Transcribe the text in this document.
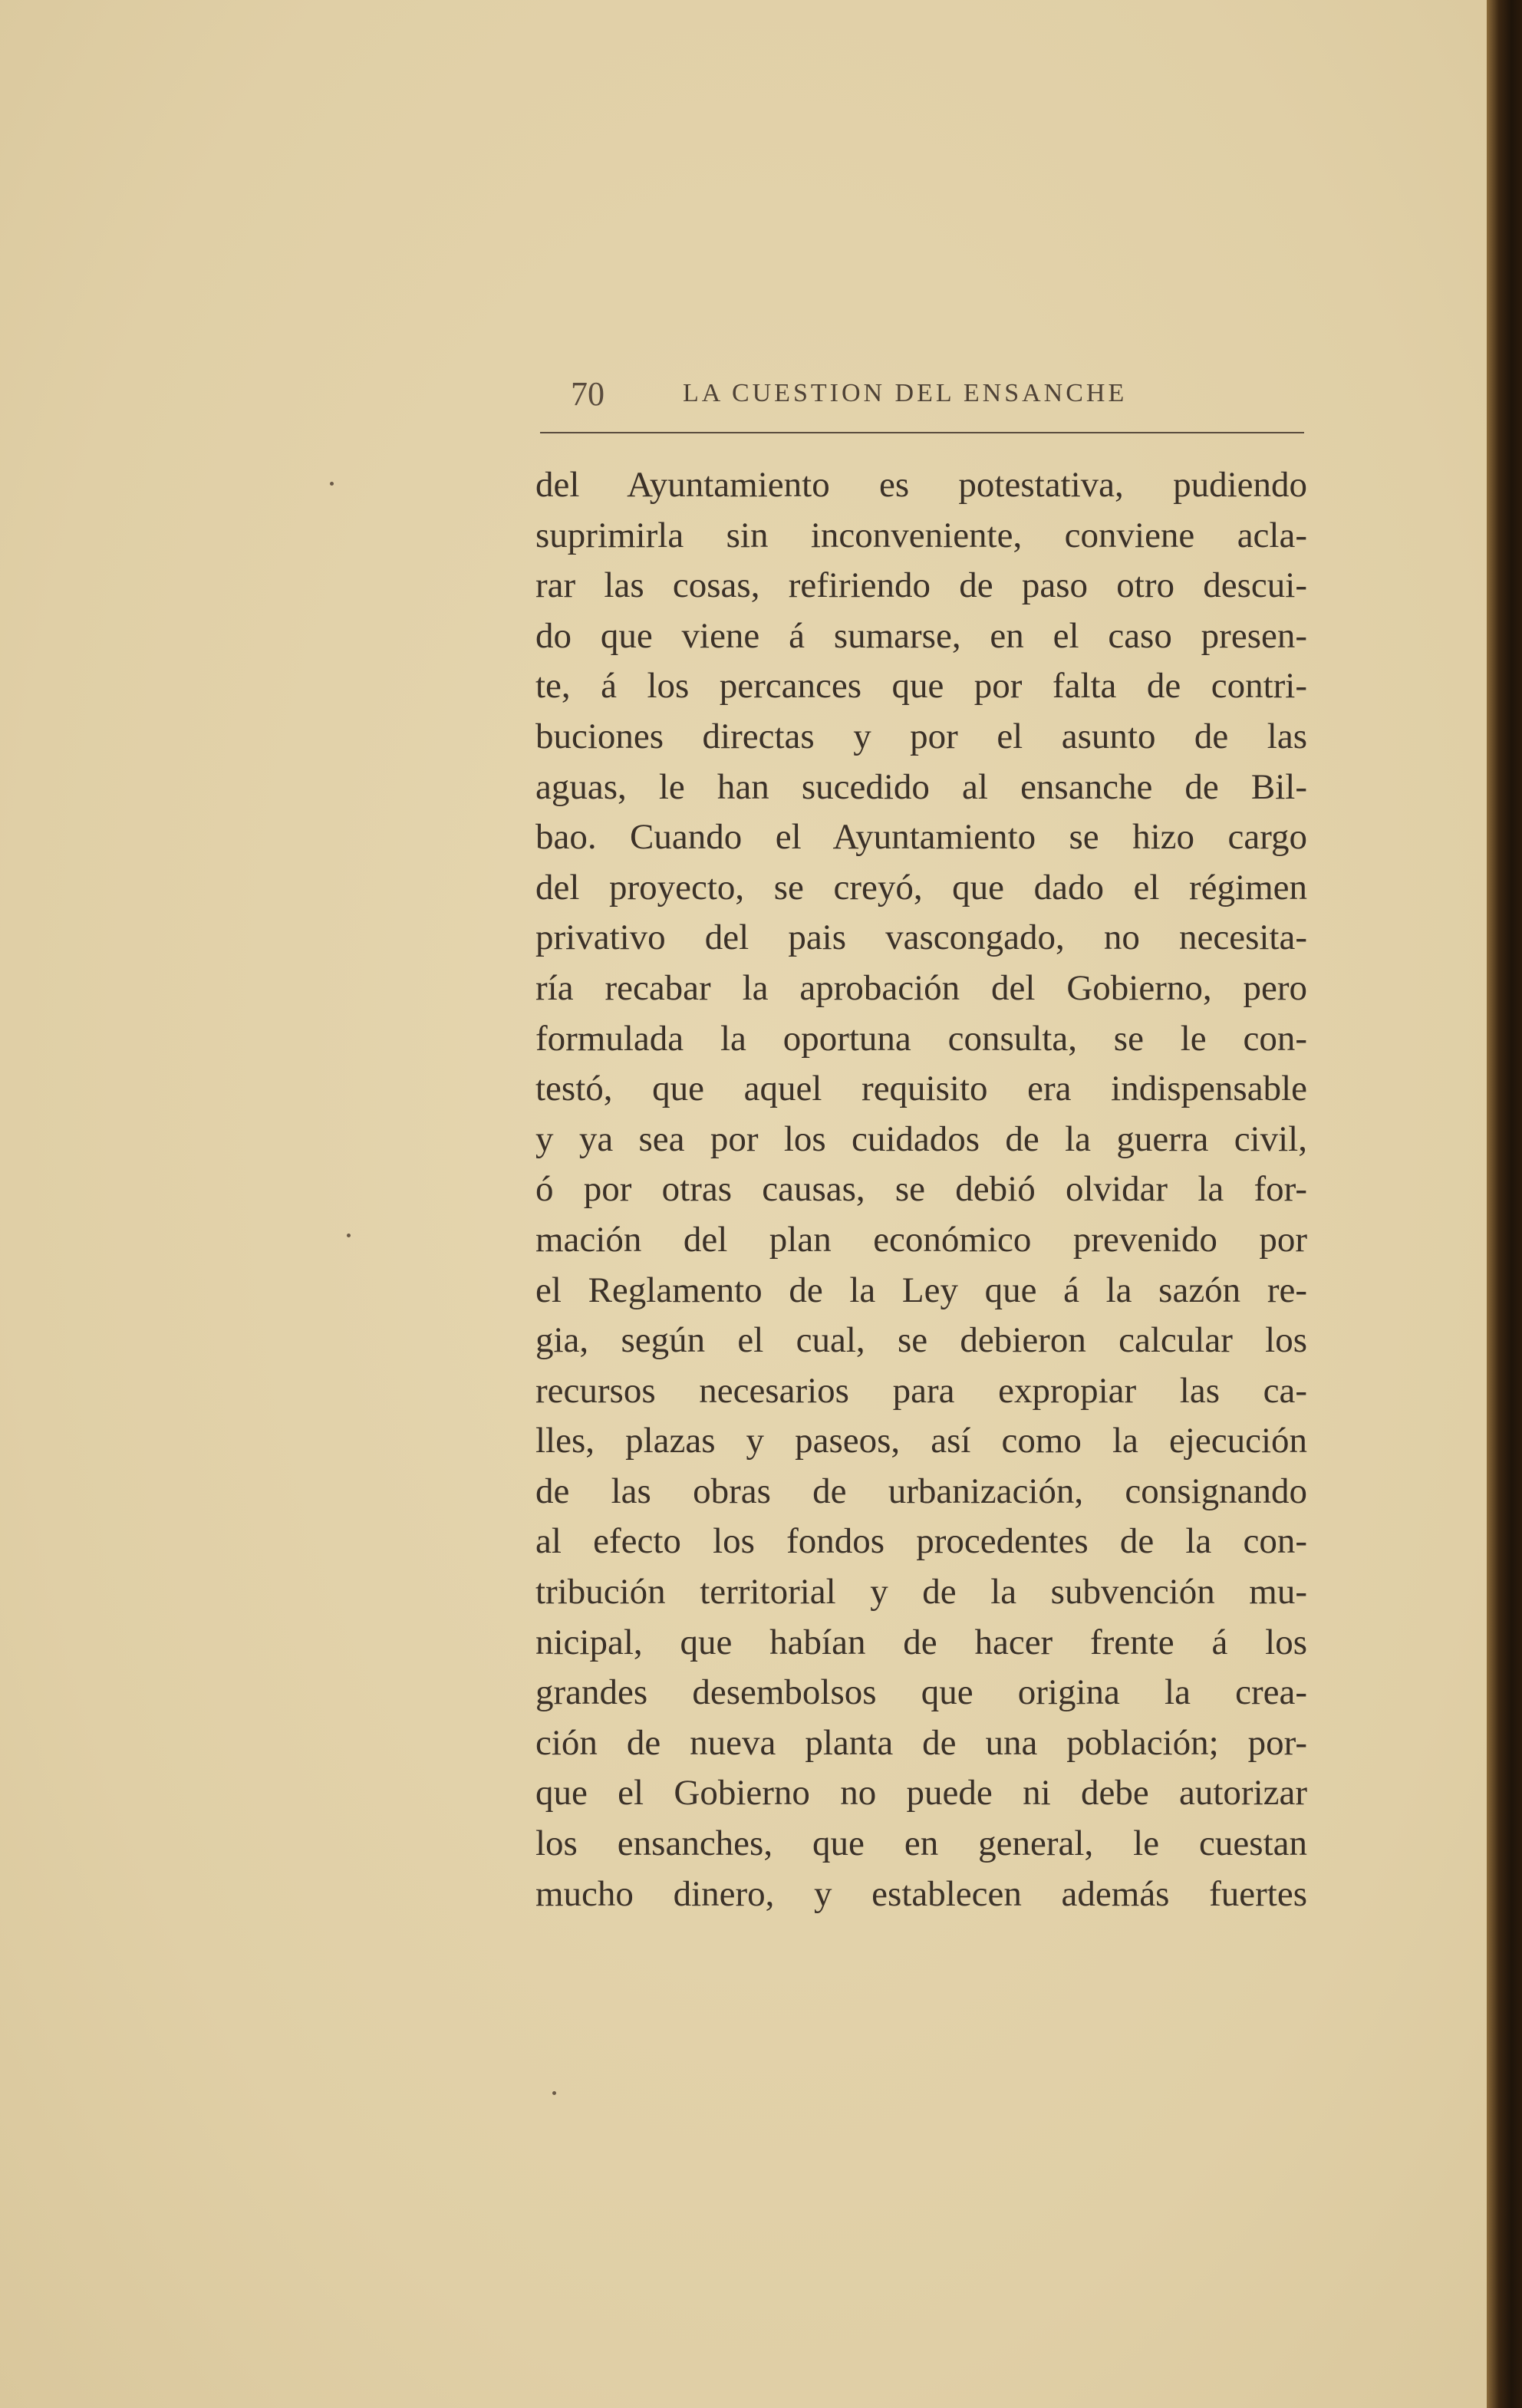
70	LA CUESTION DEL ENSANCHE
del Ayuntamiento es potestativa, pudiendo
suprimirla sin inconveniente, conviene acla-
rar las cosas, refiriendo de paso otro descui-
do que viene á sumarse, en el caso presen-
te, á los percances que por falta de contri-
buciones directas y por el asunto de las
aguas, le han sucedido al ensanche de Bil-
bao. Cuando el Ayuntamiento se hizo cargo
del proyecto, se creyó, que dado el régimen
privativo del pais vascongado, no necesita-
ría recabar la aprobación del Gobierno, pero
formulada la oportuna consulta, se le con-
testó, que aquel requisito era indispensable
y ya sea por los cuidados de la guerra civil,
ó por otras causas, se debió olvidar la for-
mación del plan económico prevenido por
el Reglamento de la Ley que á la sazón re-
gia, según el cual, se debieron calcular los
recursos necesarios para expropiar las ca-
lles, plazas y paseos, así como la ejecución
de las obras de urbanización, consignando
al efecto los fondos procedentes de la con-
tribución territorial y de la subvención mu-
nicipal, que habían de hacer frente á los
grandes desembolsos que origina la crea-
ción de nueva planta de una población; por-
que el Gobierno no puede ni debe autorizar
los ensanches, que en general, le cuestan
mucho dinero, y establecen además fuertes
